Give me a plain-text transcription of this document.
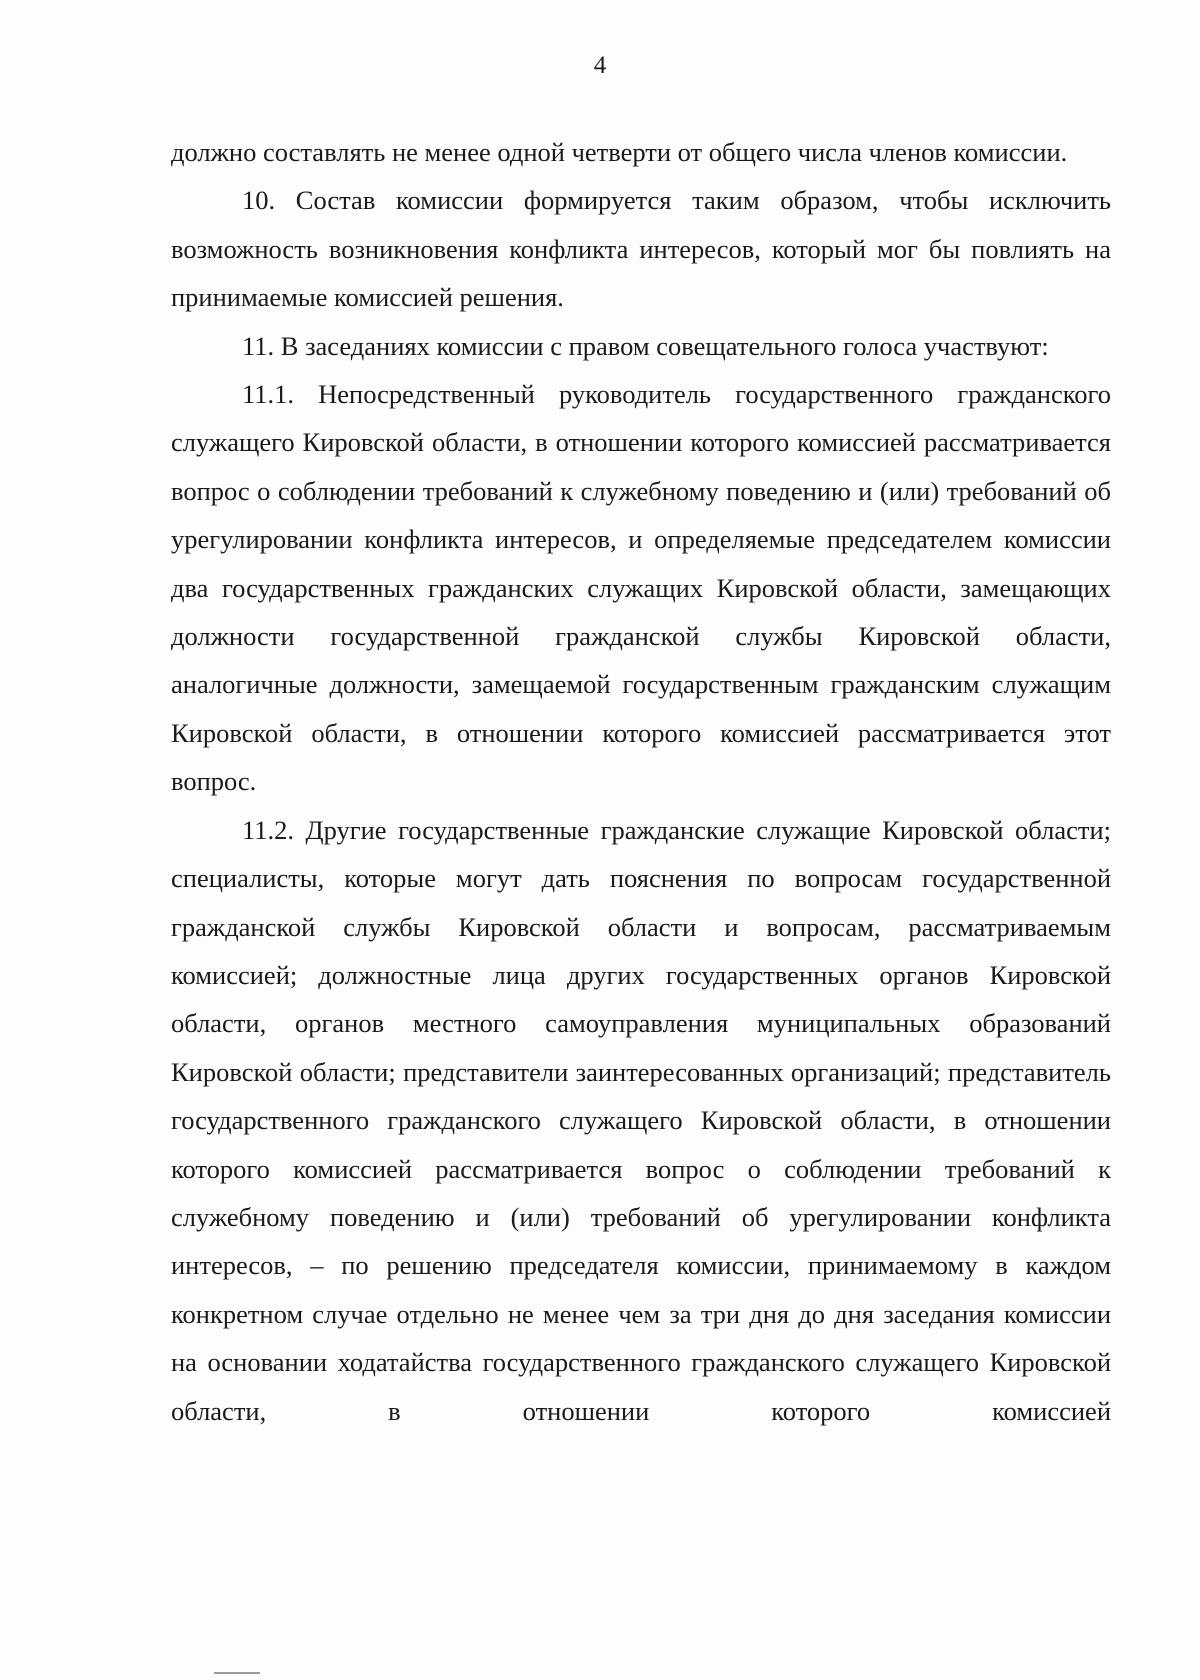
4

должно составлять не менее одной четверти от общего числа членов комиссии.

10. Состав комиссии формируется таким образом, чтобы исключить возможность возникновения конфликта интересов, который мог бы повлиять на принимаемые комиссией решения.

11. В заседаниях комиссии с правом совещательного голоса участвуют:

11.1. Непосредственный руководитель государственного гражданского служащего Кировской области, в отношении которого комиссией рассматривается вопрос о соблюдении требований к служебному поведению и (или) требований об урегулировании конфликта интересов, и определяемые председателем комиссии два государственных гражданских служащих Кировской области, замещающих должности государственной гражданской службы Кировской области, аналогичные должности, замещаемой государственным гражданским служащим Кировской области, в отношении которого комиссией рассматривается этот вопрос.

11.2. Другие государственные гражданские служащие Кировской области; специалисты, которые могут дать пояснения по вопросам государственной гражданской службы Кировской области и вопросам, рассматриваемым комиссией; должностные лица других государственных органов Кировской области, органов местного самоуправления муниципальных образований Кировской области; представители заинтересованных организаций; представитель государственного гражданского служащего Кировской области, в отношении которого комиссией рассматривается вопрос о соблюдении требований к служебному поведению и (или) требований об урегулировании конфликта интересов, – по решению председателя комиссии, принимаемому в каждом конкретном случае отдельно не менее чем за три дня до дня заседания комиссии на основании ходатайства государственного гражданского служащего Кировской области, в отношении которого комиссией
